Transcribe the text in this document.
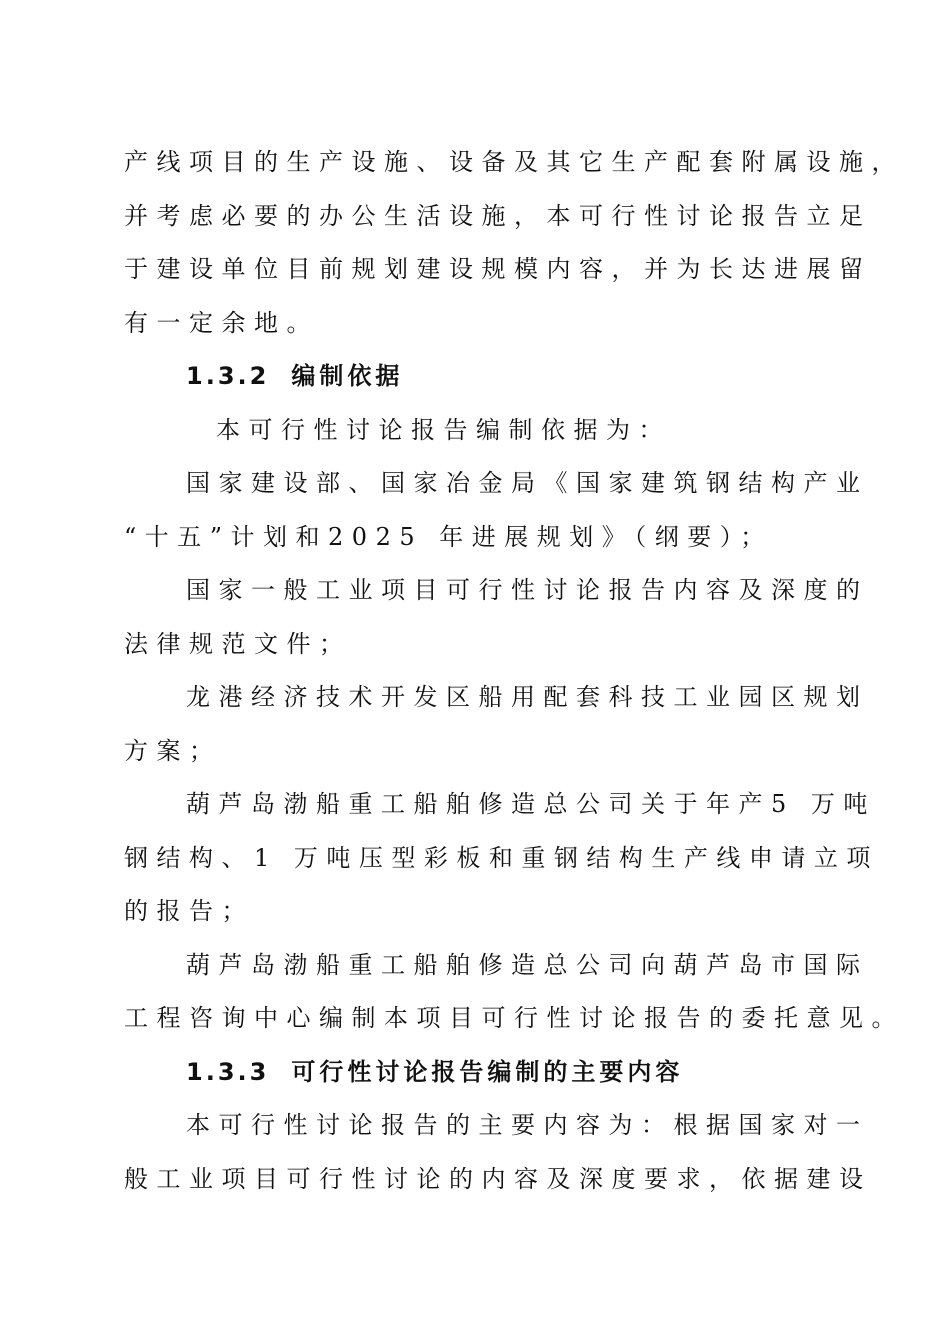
产线项目的生产设施、设备及其它生产配套附属设施，
并考虑必要的办公生活设施，本可行性讨论报告立足
于建设单位目前规划建设规模内容，并为长达进展留
有一定余地。
1.3.2 编制依据
本可行性讨论报告编制依据为：
国家建设部、国家冶金局《国家建筑钢结构产业
“十五”计划和2025 年进展规划》（纲要）；
国家一般工业项目可行性讨论报告内容及深度的
法律规范文件；
龙港经济技术开发区船用配套科技工业园区规划
方案；
葫芦岛渤船重工船舶修造总公司关于年产5 万吨
钢结构、1 万吨压型彩板和重钢结构生产线申请立项
的报告；
葫芦岛渤船重工船舶修造总公司向葫芦岛市国际
工程咨询中心编制本项目可行性讨论报告的委托意见。
1.3.3 可行性讨论报告编制的主要内容
本可行性讨论报告的主要内容为：根据国家对一
般工业项目可行性讨论的内容及深度要求，依据建设
